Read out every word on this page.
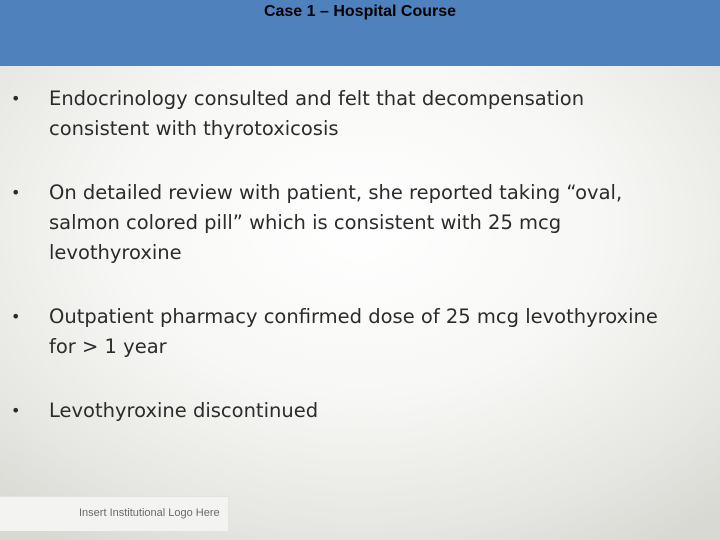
Case 1 – Hospital Course
• Endocrinology consulted and felt that decompensation consistent with thyrotoxicosis
• On detailed review with patient, she reported taking “oval, salmon colored pill” which is consistent with 25 mcg levothyroxine
• Outpatient pharmacy confirmed dose of 25 mcg levothyroxine for > 1 year
• Levothyroxine discontinued
Insert Institutional Logo Here
